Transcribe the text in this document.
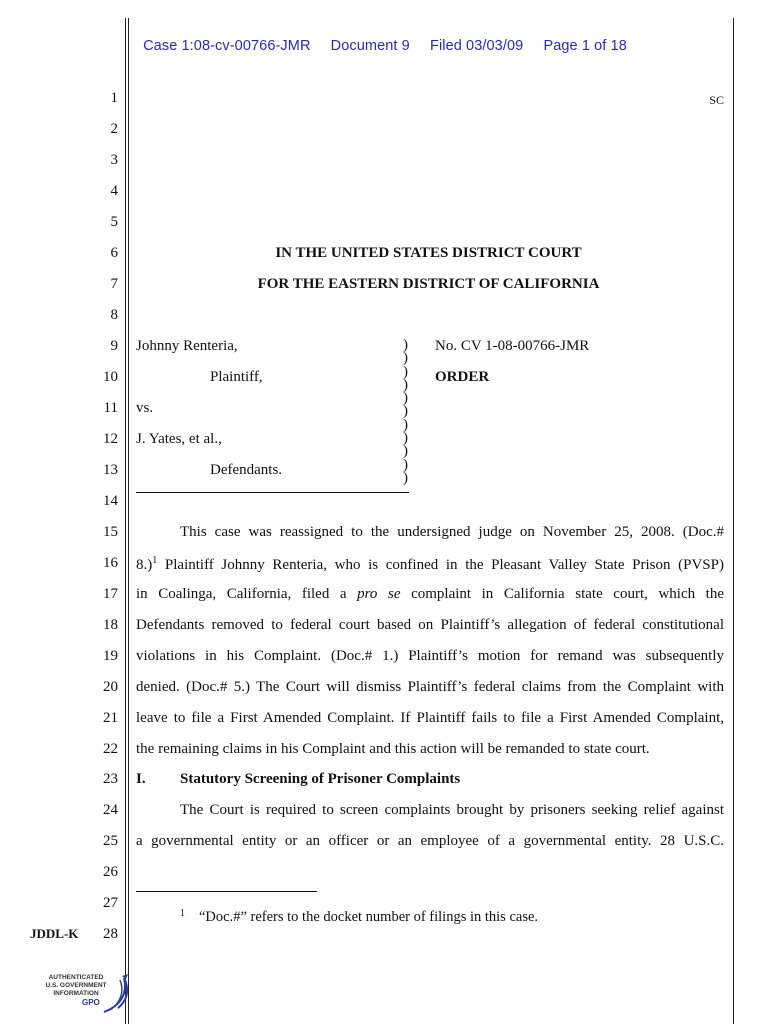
Case 1:08-cv-00766-JMR Document 9 Filed 03/03/09 Page 1 of 18
SC
1
2
3
4
5
6
7
8
9
10
11
12
13
14
15
16
17
18
19
20
21
22
23
24
25
26
27
28
IN THE UNITED STATES DISTRICT COURT
FOR THE EASTERN DISTRICT OF CALIFORNIA
Johnny Renteria,
Plaintiff,
vs.
J. Yates, et al.,
Defendants.
)
)
)
)
)
)
)
)
)
)
)
No. CV 1-08-00766-JMR
ORDER
This case was reassigned to the undersigned judge on November 25, 2008. (Doc.#
8.)$^1$ Plaintiff Johnny Renteria, who is confined in the Pleasant Valley State Prison (PVSP)
in Coalinga, California, filed a pro se complaint in California state court, which the
Defendants removed to federal court based on Plaintiff’s allegation of federal constitutional
violations in his Complaint. (Doc.# 1.) Plaintiff’s motion for remand was subsequently
denied. (Doc.# 5.) The Court will dismiss Plaintiff’s federal claims from the Complaint with
leave to file a First Amended Complaint. If Plaintiff fails to file a First Amended Complaint,
the remaining claims in his Complaint and this action will be remanded to state court.
I. Statutory Screening of Prisoner Complaints
The Court is required to screen complaints brought by prisoners seeking relief against
a governmental entity or an officer or an employee of a governmental entity. 28 U.S.C.
$^1$ “Doc.#” refers to the docket number of filings in this case.
JDDL-K
AUTHENTICATED
U.S. GOVERNMENT
INFORMATION
GPO
